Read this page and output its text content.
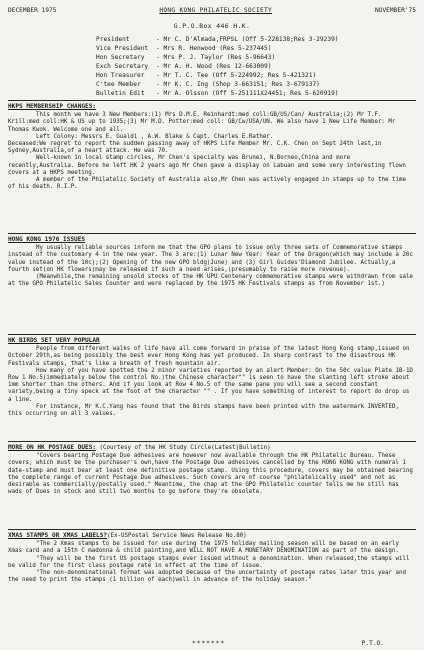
DECEMBER 1975	HONG KONG PHILATELIC SOCIETY	NOVEMBER'75
G.P.O.Box 446 H.K.
President	- Mr C. D'Almada,FRPSL (Off 5-228138;Res 3-29239)
Vice President	- Mrs R. Henwood (Res 5-237445)
Hon Secretary	- Mrs P. J. Taylor (Res 5-96643)
Exch Secretary	- Mr A. H. Wood (Res 12-663009)
Hon Treasurer	- Mr T. C. Tee (Off 5-224992; Res 5-421321)
C'tee Member	- Mr K. C. Ing (Shop 3-663151; Res 3-679137)
Bulletin Edit	- Mr A. Olsson (Off 5-251111X24451; Res 5-620919)
HKPS MEMBERSHIP CHANGES:

This month we have 3 New Members:(1) Mrs D.M.E. Reinhardt:med coll:GB/US/Can/ Australia;(2) Mr T.F. Krill:med coll:HK & US up to 1935;(3) Mr M.D. Potter:med coll: GB/Cw/USA/UN. We also have 1 New Life Member: Mr Thomas Kwok. Welcome one and all.

Left Colony: Messrs E. Gualdi , A.W. Blake & Capt. Charles E.Rather.

Deceased:We regret to report the sudden passing away of HKPS Life Member Mr. C.K. Chen on Sept 24th last,in Sydney,Australia,of a heart attack. He was 70.

Well-known in local stamp circles, Mr Chen's specialty was Brunei, N.Borneo,China and more recently,Australia. Before he left HK 2 years ago Mr Chen gave a display on Labuan and some very interesting flown covers at a HKPS meeting.

A member of the Philatelic Society of Australia also,Mr Chen was actively engaged in stamps up to the time of his death. R.I.P.

HONG KONG 1976 ISSUES

My usually reliable sources inform me that the GPO plans to issue only three sets of Commemorative stamps instead of the customary 4 in the new year. The 3 are:(1) Lunar New Year: Year of the Dragon(which may include a 20c value instead of the 10c);(2) Opening of the new GPO bldg(June) and (3) Girl Guides'Diamond Jubilee. Actually,a fourth set(on HK flowers)may be released if such a need arises,(presumably to raise more revenue).

(Meanwhile,the remaining unsold stocks of the HK UPU Centenary commemorative stamps were withdrawn from sale at the GPO Philatelic Sales Counter and were replaced by the 1975 HK Festivals stamps as from November 1st.)

HK BIRDS SET VERY POPULAR

People from different walks of life have all come forward in praise of the latest Hong Kong stamp,issued on October 29th,as being possibly the best ever Hong Kong has yet produced. In sharp contrast to the disastrous HK Festivals stamps, that's like a breath of fresh mountain air.

How many of you have spotted the 2 minor varieties reported by an alert Member: On the 50c value Plate 1B-1D Row 1 No.5(immediately below the control No.)the Chinese character"" is seen to have the slanting left stroke about 1mm shorter than the others. And if you look at Row 4 No.5 of the same pane you will see a second constant variety,being a tiny speck at the foot of the character "" . If you have something of interest to report do drop us a line.

For instance, Mr K.C.Yang has found that the Birds stamps have been printed with the watermark INVERTED, this occurring on all 3 values.

MORE ON HK POSTAGE DUES: (Courtesy of the HK Study Circle(Latest)Bulletin)

"Covers bearing Postage Due adhesives are however now available through the HK Philatelic Bureau. These covers, which must be the purchaser's own,have the Postage Due adhesives cancelled by the HONG KONG with numeral 1 date-stamp and must bear at least one definitive postage stamp. Using this procedure, covers may be obtained bearing the complete range of current Postage Due adhesives. Such covers are of course "philatelically used" and not as desirable as commercially/postally used." Meantime, the chap at the GPO Philatelic counter tells me he still has wads of Dues in stock and still two months to go before they're obsolete.

XMAS STAMPS OR XMAS LABELS?(Ex-USPostal Service News Release No.80)

"The 2 Xmas stamps to be issued for use during the 1975 holiday mailing season will be based on an early Xmas card and a 15th C madonna & child painting,and WILL NOT HAVE A MONETARY DENOMINATION as part of the design.

"They will be the first US postage stamps ever issued without a denomination. When released,the stamps will be valid for the first class postage rate in effect at the time of issue.

"The non-denominational format was adopted because of the uncertainty of postage rates later this year and the need to print the stamps (1 billion of each)well in advance of the holiday season."

*******	P.T.O.
